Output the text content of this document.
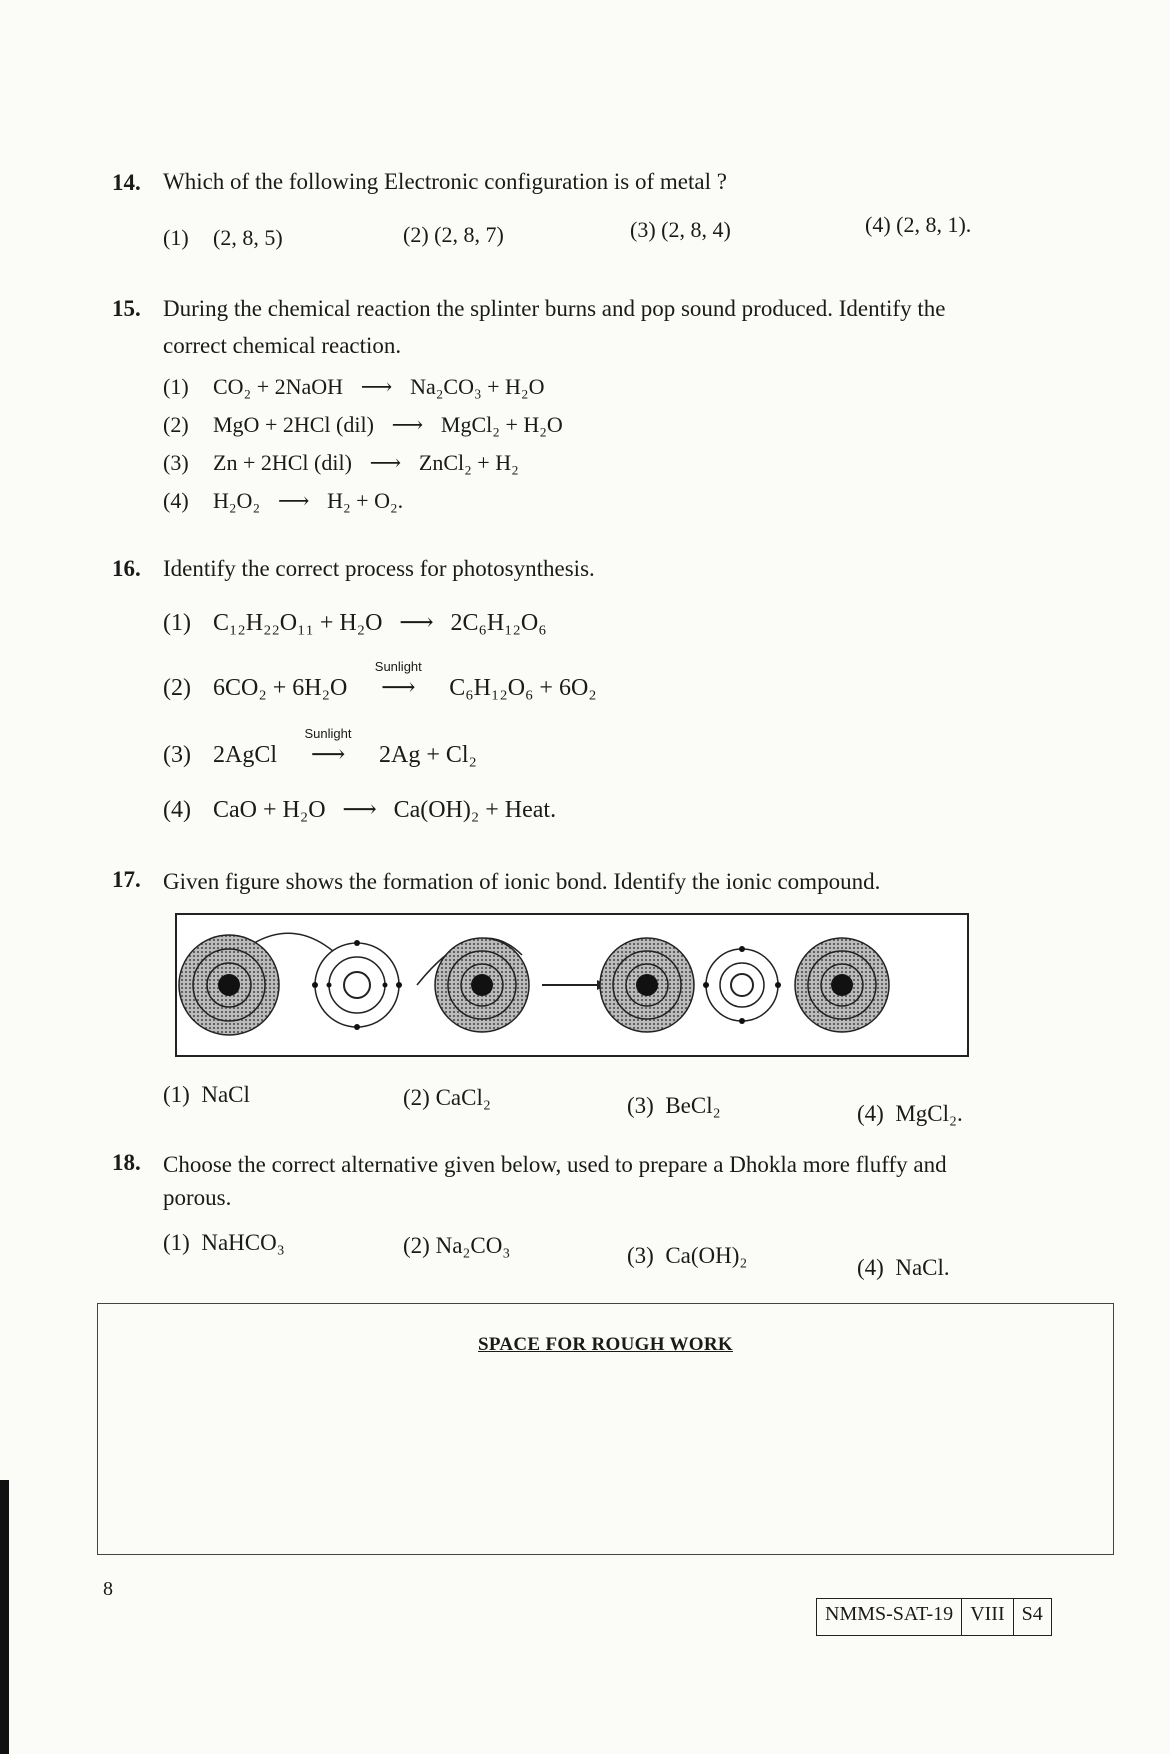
14. Which of the following Electronic configuration is of metal ?
(1) (2, 8, 5)	(2) (2, 8, 7)	(3) (2, 8, 4)	(4) (2, 8, 1).
15. During the chemical reaction the splinter burns and pop sound produced. Identify the
correct chemical reaction.
(1) CO₂ + 2NaOH ⟶ Na₂CO₃ + H₂O
(2) MgO + 2HCl (dil) ⟶ MgCl₂ + H₂O
(3) Zn + 2HCl (dil) ⟶ ZnCl₂ + H₂
(4) H₂O₂ ⟶ H₂ + O₂.
16. Identify the correct process for photosynthesis.
(1) C₁₂H₂₂O₁₁ + H₂O ⟶ 2C₆H₁₂O₆
(2) 6CO₂ + 6H₂O
Sunlight
⟶ C₆H₁₂O₆ + 6O₂
(3) 2AgCl
Sunlight
⟶ 2Ag + Cl₂
(4) CaO + H₂O ⟶ Ca(OH)₂ + Heat.
17. Given figure shows the formation of ionic bond. Identify the ionic compound.
(1) NaCl	(2) CaCl₂	(3) BeCl₂	(4) MgCl₂.
18. Choose the correct alternative given below, used to prepare a Dhokla more fluffy and
porous.
(1) NaHCO₃	(2) Na₂CO₃	(3) Ca(OH)₂	(4) NaCl.
SPACE FOR ROUGH WORK
8
NMMS-SAT-19 VIII S4
